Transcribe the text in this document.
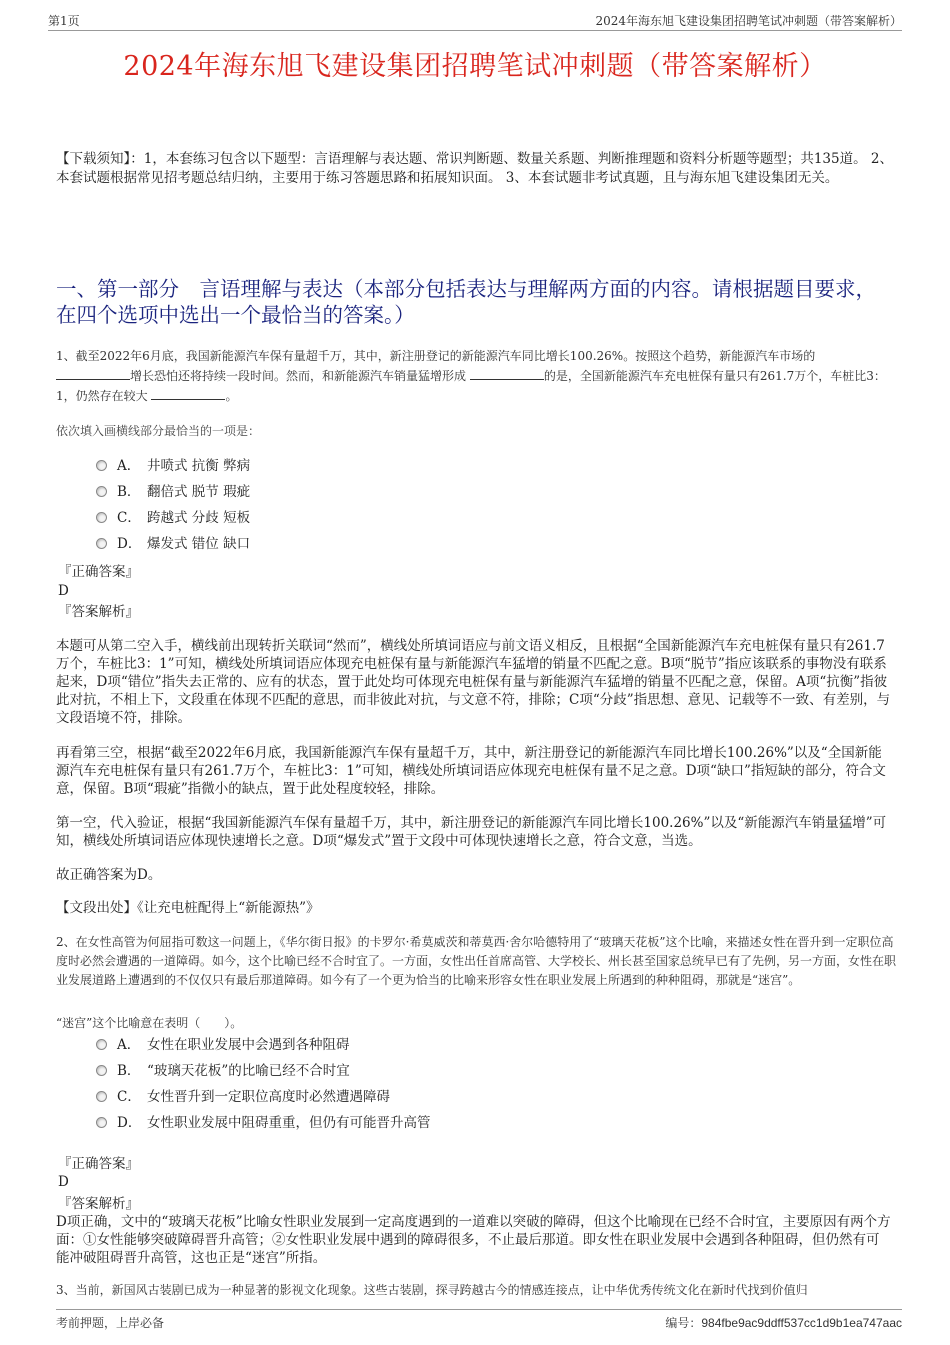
第1页	2024年海东旭飞建设集团招聘笔试冲刺题（带答案解析）
2024年海东旭飞建设集团招聘笔试冲刺题（带答案解析）
【下载须知】：1，本套练习包含以下题型：言语理解与表达题、常识判断题、数量关系题、判断推理题和资料分析题等题型；共135道。 2、本套试题根据常见招考题总结归纳，主要用于练习答题思路和拓展知识面。 3、本套试题非考试真题，且与海东旭飞建设集团无关。
一、第一部分　言语理解与表达（本部分包括表达与理解两方面的内容。请根据题目要求，在四个选项中选出一个最恰当的答案。）
1、截至2022年6月底，我国新能源汽车保有量超千万，其中，新注册登记的新能源汽车同比增长100.26%。按照这个趋势，新能源汽车市场的
增长恐怕还将持续一段时间。然而，和新能源汽车销量猛增形成	的是，全国新能源汽车充电桩保有量只有261.7万个，车桩比3：1，仍然存在较大	。
依次填入画横线部分最恰当的一项是：
A． 井喷式 抗衡 弊病
B． 翻倍式 脱节 瑕疵
C． 跨越式 分歧 短板
D． 爆发式 错位 缺口
『正确答案』
D
『答案解析』
本题可从第二空入手，横线前出现转折关联词“然而”，横线处所填词语应与前文语义相反，且根据“全国新能源汽车充电桩保有量只有261.7万个，车桩比3：1”可知，横线处所填词语应体现充电桩保有量与新能源汽车猛增的销量不匹配之意。B项“脱节”指应该联系的事物没有联系起来，D项“错位”指失去正常的、应有的状态，置于此处均可体现充电桩保有量与新能源汽车猛增的销量不匹配之意，保留。A项“抗衡”指彼此对抗，不相上下，文段重在体现不匹配的意思，而非彼此对抗，与文意不符，排除；C项“分歧”指思想、意见、记载等不一致、有差别，与文段语境不符，排除。
再看第三空，根据“截至2022年6月底，我国新能源汽车保有量超千万，其中，新注册登记的新能源汽车同比增长100.26%”以及“全国新能源汽车充电桩保有量只有261.7万个，车桩比3：1”可知，横线处所填词语应体现充电桩保有量不足之意。D项“缺口”指短缺的部分，符合文意，保留。B项“瑕疵”指微小的缺点，置于此处程度较轻，排除。
第一空，代入验证，根据“我国新能源汽车保有量超千万，其中，新注册登记的新能源汽车同比增长100.26%”以及“新能源汽车销量猛增”可知，横线处所填词语应体现快速增长之意。D项“爆发式”置于文段中可体现快速增长之意，符合文意，当选。
故正确答案为D。
【文段出处】《让充电桩配得上“新能源热”》
2、在女性高管为何屈指可数这一问题上，《华尔街日报》的卡罗尔·希莫威茨和蒂莫西·舍尔哈德特用了“玻璃天花板”这个比喻，来描述女性在晋升到一定职位高度时必然会遭遇的一道障碍。如今，这个比喻已经不合时宜了。一方面，女性出任首席高管、大学校长、州长甚至国家总统早已有了先例，另一方面，女性在职业发展道路上遭遇到的不仅仅只有最后那道障碍。如今有了一个更为恰当的比喻来形容女性在职业发展上所遇到的种种阻碍，那就是“迷宫”。
“迷宫”这个比喻意在表明（　　）。
A． 女性在职业发展中会遇到各种阻碍
B． “玻璃天花板”的比喻已经不合时宜
C． 女性晋升到一定职位高度时必然遭遇障碍
D． 女性职业发展中阻碍重重，但仍有可能晋升高管
『正确答案』
D
『答案解析』
D项正确，文中的“玻璃天花板”比喻女性职业发展到一定高度遇到的一道难以突破的障碍，但这个比喻现在已经不合时宜，主要原因有两个方面：①女性能够突破障碍晋升高管；②女性职业发展中遇到的障碍很多，不止最后那道。即女性在职业发展中会遇到各种阻碍，但仍然有可能冲破阻碍晋升高管，这也正是“迷宫”所指。
3、当前，新国风古装剧已成为一种显著的影视文化现象。这些古装剧，探寻跨越古今的情感连接点，让中华优秀传统文化在新时代找到价值归
考前押题，上岸必备	编号：984fbe9ac9ddff537cc1d9b1ea747aac
